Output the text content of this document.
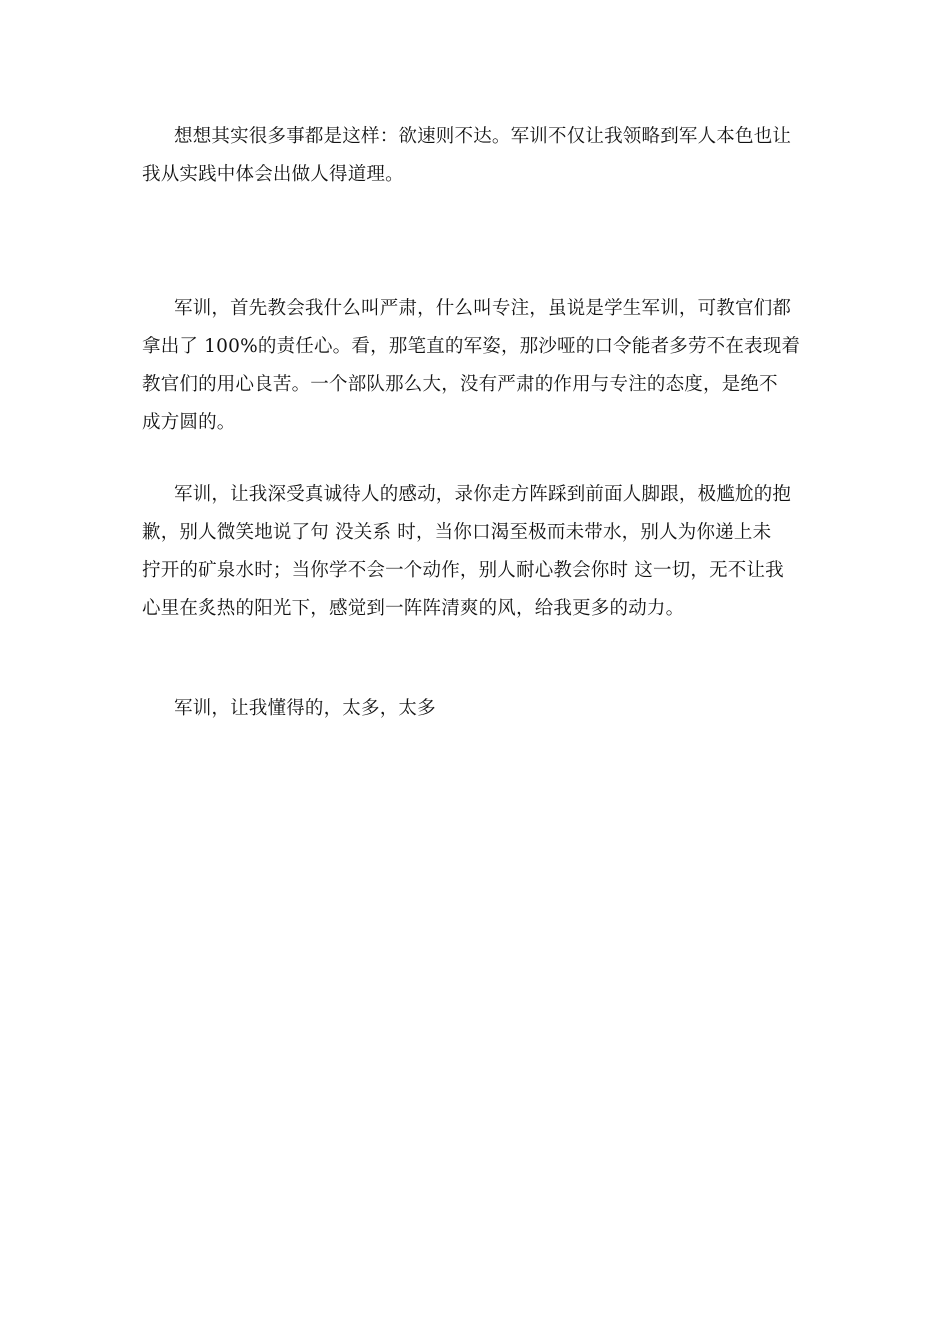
想想其实很多事都是这样：欲速则不达。军训不仅让我领略到军人本色也让
我从实践中体会出做人得道理。
军训，首先教会我什么叫严肃，什么叫专注，虽说是学生军训，可教官们都
拿出了 100%的责任心。看，那笔直的军姿，那沙哑的口令能者多劳不在表现着
教官们的用心良苦。一个部队那么大，没有严肃的作用与专注的态度，是绝不
成方圆的。
军训，让我深受真诚待人的感动，录你走方阵踩到前面人脚跟，极尴尬的抱
歉，别人微笑地说了句 没关系 时，当你口渴至极而未带水，别人为你递上未
拧开的矿泉水时；当你学不会一个动作，别人耐心教会你时 这一切，无不让我
心里在炙热的阳光下，感觉到一阵阵清爽的风，给我更多的动力。
军训，让我懂得的，太多，太多
